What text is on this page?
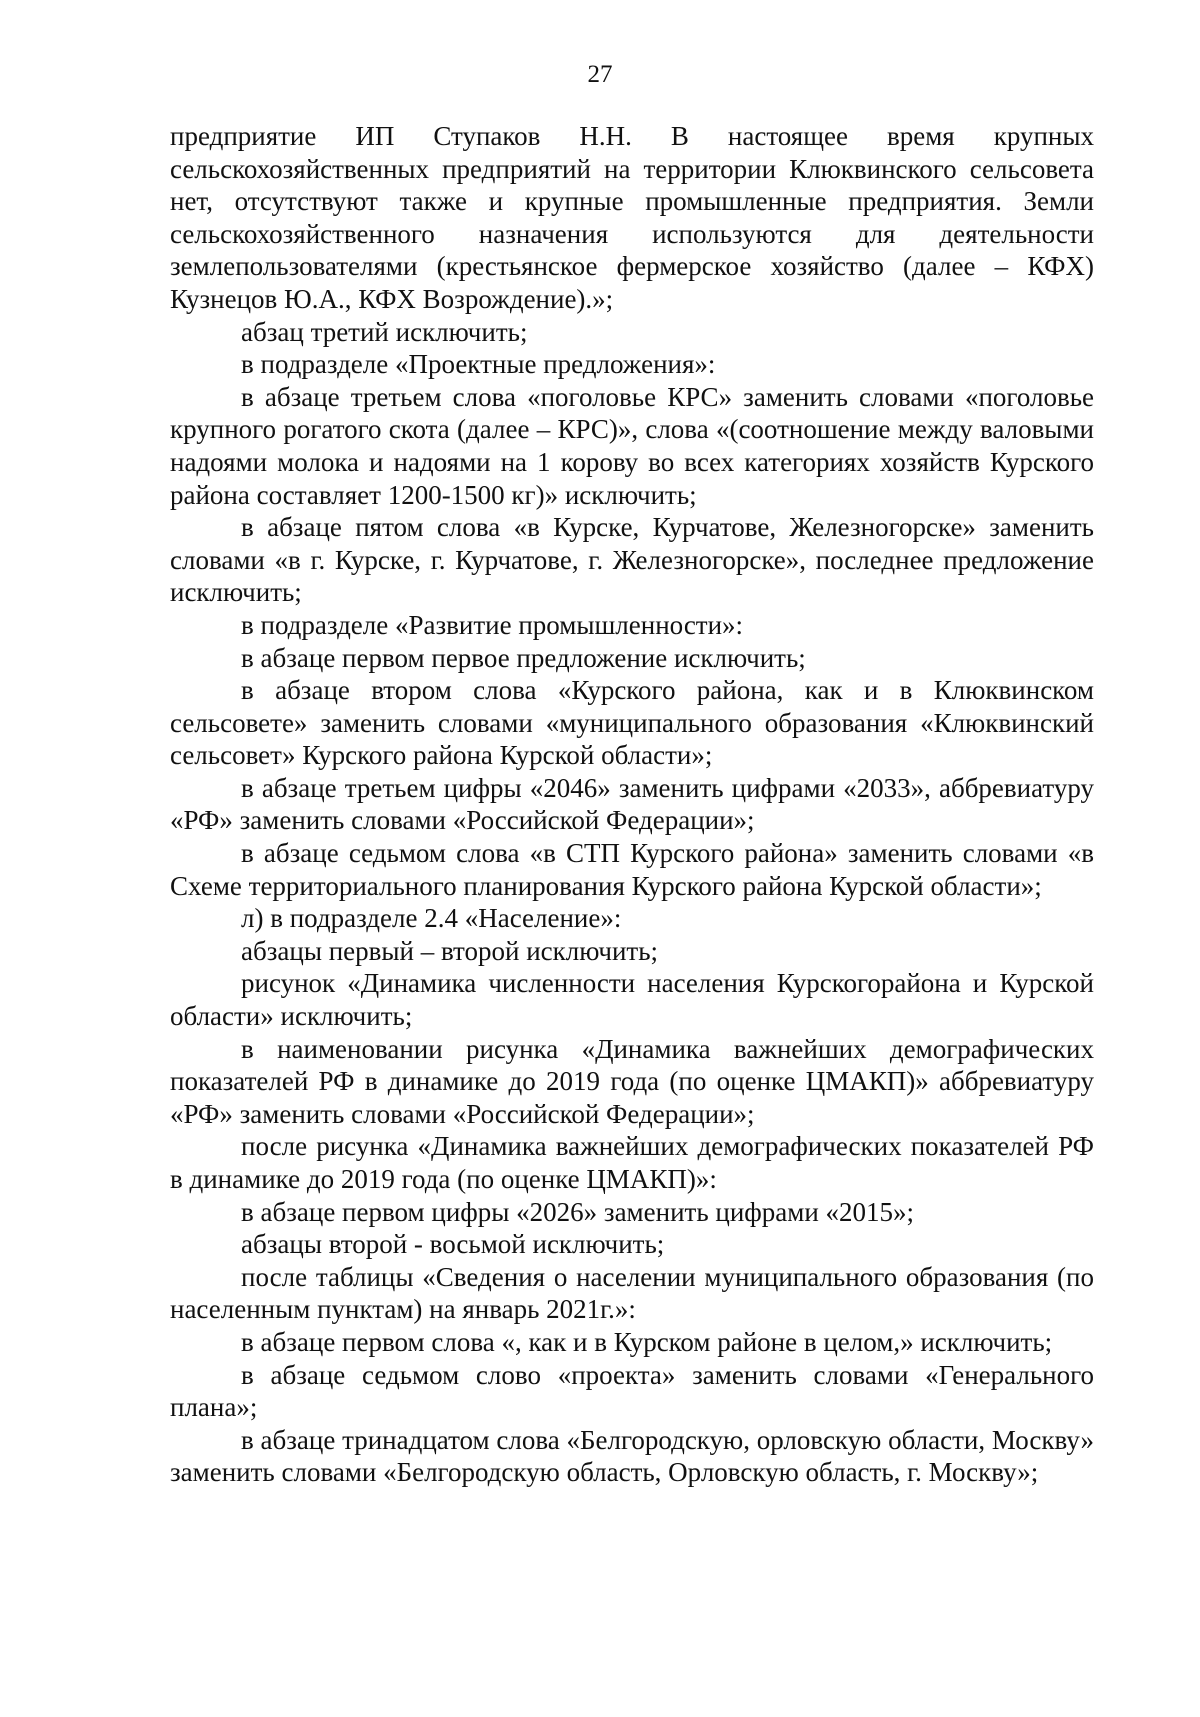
27

предприятие ИП Ступаков Н.Н. В настоящее время крупных сельскохозяйственных предприятий на территории Клюквинского сельсовета нет, отсутствуют также и крупные промышленные предприятия. Земли сельскохозяйственного назначения используются для деятельности землепользователями (крестьянское фермерское хозяйство (далее – КФХ) Кузнецов Ю.А., КФХ Возрождение).»;

абзац третий исключить;

в подразделе «Проектные предложения»:

в абзаце третьем слова «поголовье КРС» заменить словами «поголовье крупного рогатого скота (далее – КРС)», слова «(соотношение между валовыми надоями молока и надоями на 1 корову во всех категориях хозяйств Курского района составляет 1200-1500 кг)» исключить;

в абзаце пятом слова «в Курске, Курчатове, Железногорске» заменить словами «в г. Курске, г. Курчатове, г. Железногорске», последнее предложение исключить;

в подразделе «Развитие промышленности»:

в абзаце первом первое предложение исключить;

в абзаце втором слова «Курского района, как и в Клюквинском сельсовете» заменить словами «муниципального образования «Клюквинский сельсовет» Курского района Курской области»;

в абзаце третьем цифры «2046» заменить цифрами «2033», аббревиатуру «РФ» заменить словами «Российской Федерации»;

в абзаце седьмом слова «в СТП Курского района» заменить словами «в Схеме территориального планирования Курского района Курской области»;

л) в подразделе 2.4 «Население»:

абзацы первый – второй исключить;

рисунок «Динамика численности населения Курскогорайона и Курской области» исключить;

в наименовании рисунка «Динамика важнейших демографических показателей РФ в динамике до 2019 года (по оценке ЦМАКП)» аббревиатуру «РФ» заменить словами «Российской Федерации»;

после рисунка «Динамика важнейших демографических показателей РФ в динамике до 2019 года (по оценке ЦМАКП)»:

в абзаце первом цифры «2026» заменить цифрами «2015»;

абзацы второй - восьмой исключить;

после таблицы «Сведения о населении муниципального образования (по населенным пунктам) на январь 2021г.»:

в абзаце первом слова «, как и в Курском районе в целом,» исключить;

в абзаце седьмом слово «проекта» заменить словами «Генерального плана»;

в абзаце тринадцатом слова «Белгородскую, орловскую области, Москву» заменить словами «Белгородскую область, Орловскую область, г. Москву»;
